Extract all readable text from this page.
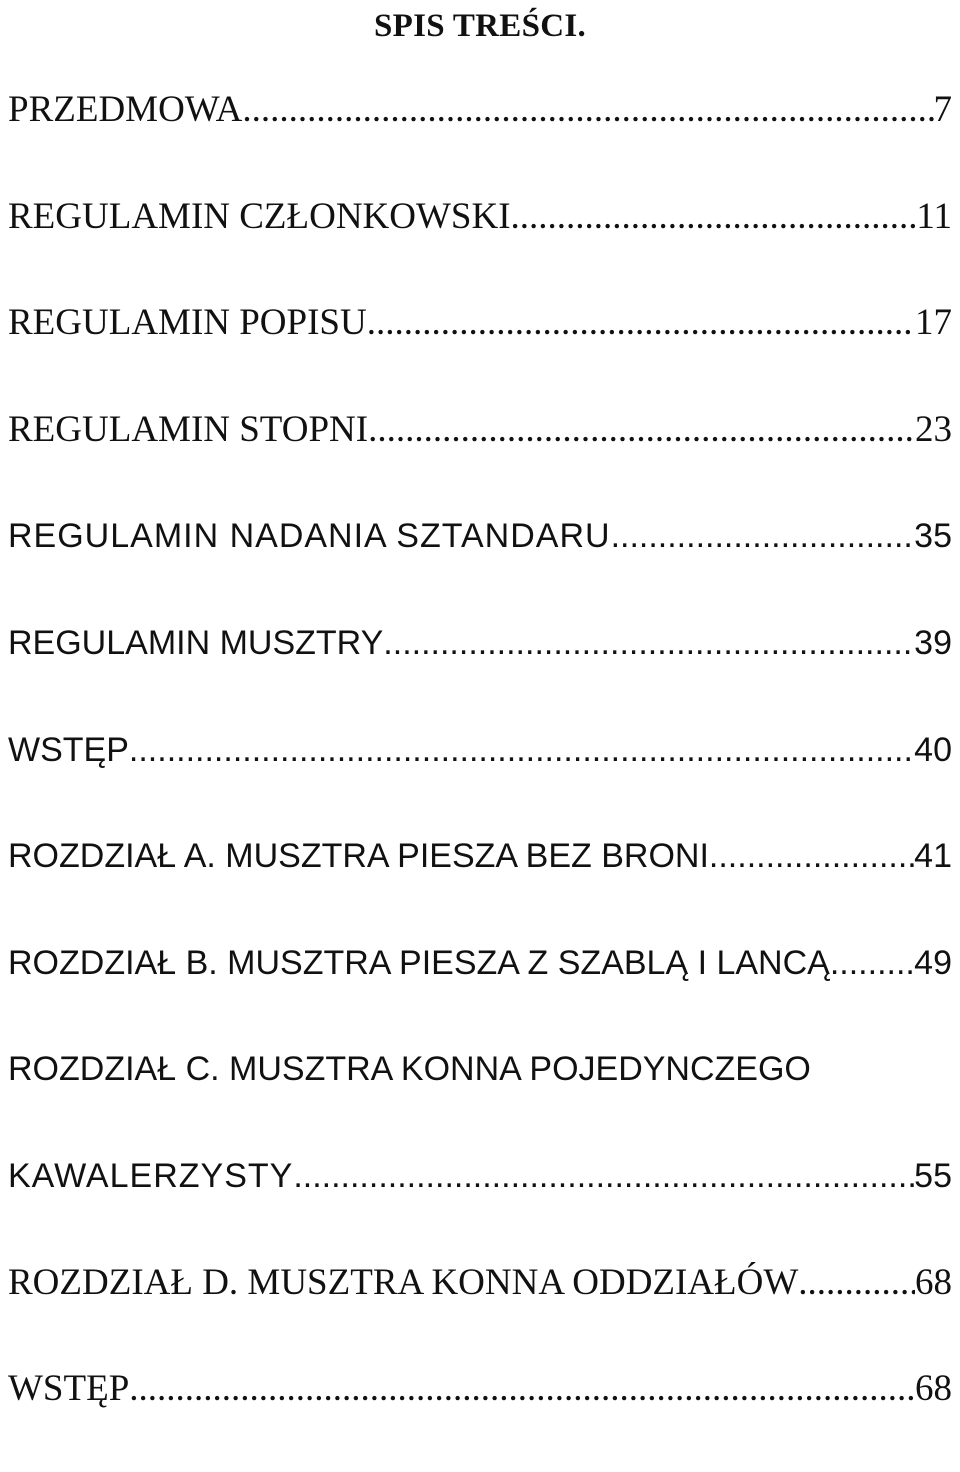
SPIS TREŚCI.
PRZEDMOWA .....	7
REGULAMIN CZŁONKOWSKI .....	11
REGULAMIN POPISU .....	17
REGULAMIN STOPNI .....	23
REGULAMIN NADANIA SZTANDARU .....	35
REGULAMIN MUSZTRY .....	39
WSTĘP .....	40
ROZDZIAŁ A. MUSZTRA PIESZA BEZ BRONI .....	41
ROZDZIAŁ B. MUSZTRA PIESZA Z SZABLĄ I LANCĄ ..... 49
ROZDZIAŁ C. MUSZTRA KONNA POJEDYNCZEGO
KAWALERZYSTY .....	55
ROZDZIAŁ D. MUSZTRA KONNA ODDZIAŁÓW .....	68
WSTĘP .....	68
